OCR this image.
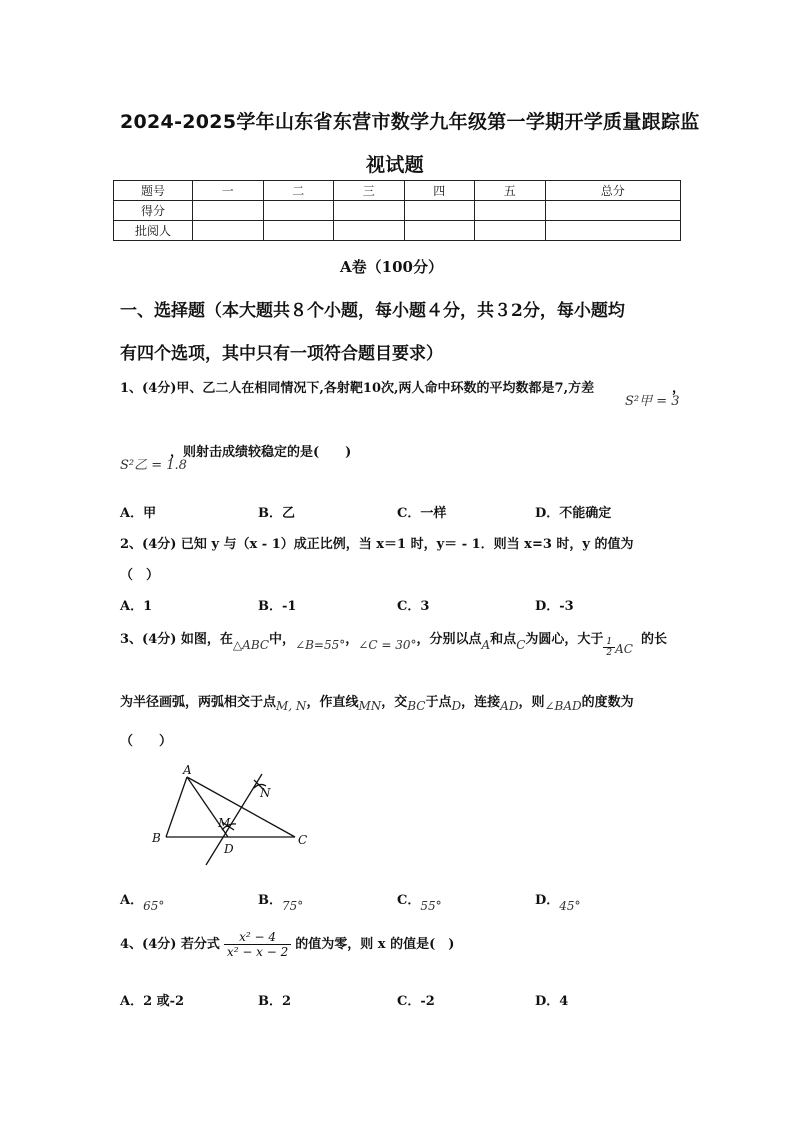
2024-2025学年山东省东营市数学九年级第一学期开学质量跟踪监
视试题
题号	一	二	三	四	五	总分
得分						
批阅人						
A卷（100分）
一、选择题（本大题共８个小题，每小题４分，共３2分，每小题均
有四个选项，其中只有一项符合题目要求）
1、(4分)甲、乙二人在相同情况下,各射靶10次,两人命中环数的平均数都是7,方差
S²甲 = 3
，
S²乙 = 1.8
，则射击成绩较稳定的是(　　)
A．甲	B．乙	C．一样	D．不能确定
2、(4分) 已知 y 与（x - 1）成正比例，当 x＝1 时，y＝ - 1．则当 x=3 时，y 的值为
（　）
A．1	B．-1	C．3	D．-3
3、(4分) 如图，在△ABC中，∠B=55°，∠C = 30°，分别以点A和点C为圆心，大于 $\frac{1}{2}$ AC的长
为半径画弧，两弧相交于点M, N，作直线MN，交BC于点D，连接AD，则∠BAD的度数为
（　　）
A
B	C
D
M
N
A．65°	B．75°	C．55°	D．45°
4、(4分) 若分式 $\frac{\text{x² − 4}}{\text{x² − x − 2}}$ 的值为零，则 x 的值是(　)
A．2 或-2	B．2	C．-2	D．4
